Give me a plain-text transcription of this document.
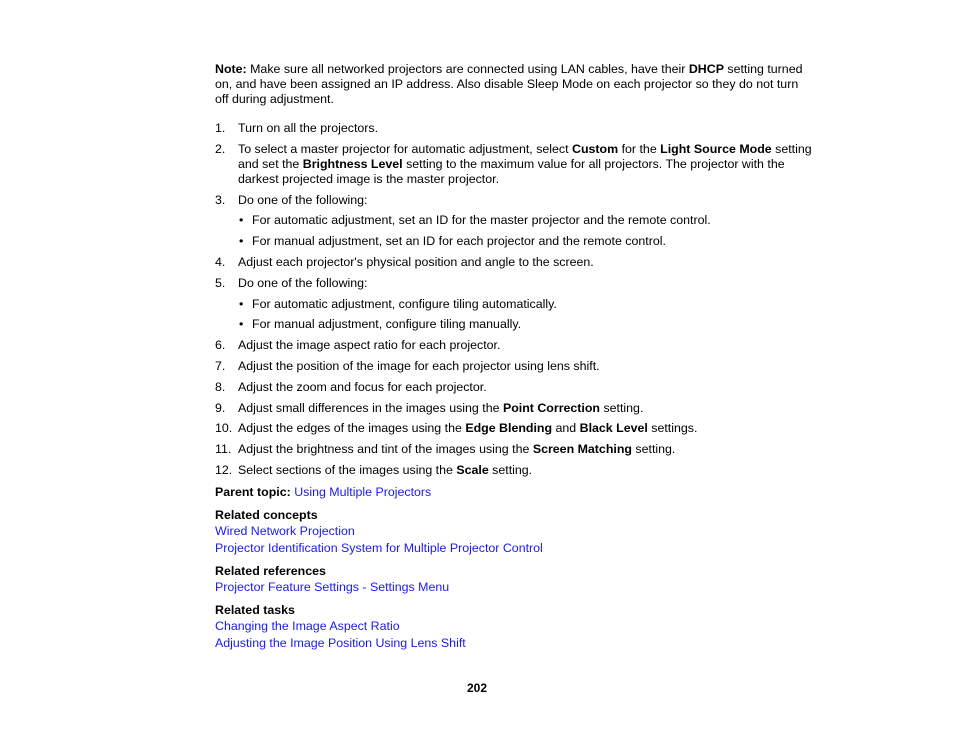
Note: Make sure all networked projectors are connected using LAN cables, have their DHCP setting turned on, and have been assigned an IP address. Also disable Sleep Mode on each projector so they do not turn off during adjustment.
1. Turn on all the projectors.
2. To select a master projector for automatic adjustment, select Custom for the Light Source Mode setting and set the Brightness Level setting to the maximum value for all projectors. The projector with the darkest projected image is the master projector.
3. Do one of the following:
• For automatic adjustment, set an ID for the master projector and the remote control.
• For manual adjustment, set an ID for each projector and the remote control.
4. Adjust each projector's physical position and angle to the screen.
5. Do one of the following:
• For automatic adjustment, configure tiling automatically.
• For manual adjustment, configure tiling manually.
6. Adjust the image aspect ratio for each projector.
7. Adjust the position of the image for each projector using lens shift.
8. Adjust the zoom and focus for each projector.
9. Adjust small differences in the images using the Point Correction setting.
10. Adjust the edges of the images using the Edge Blending and Black Level settings.
11. Adjust the brightness and tint of the images using the Screen Matching setting.
12. Select sections of the images using the Scale setting.
Parent topic: Using Multiple Projectors
Related concepts
Wired Network Projection
Projector Identification System for Multiple Projector Control
Related references
Projector Feature Settings - Settings Menu
Related tasks
Changing the Image Aspect Ratio
Adjusting the Image Position Using Lens Shift
202
